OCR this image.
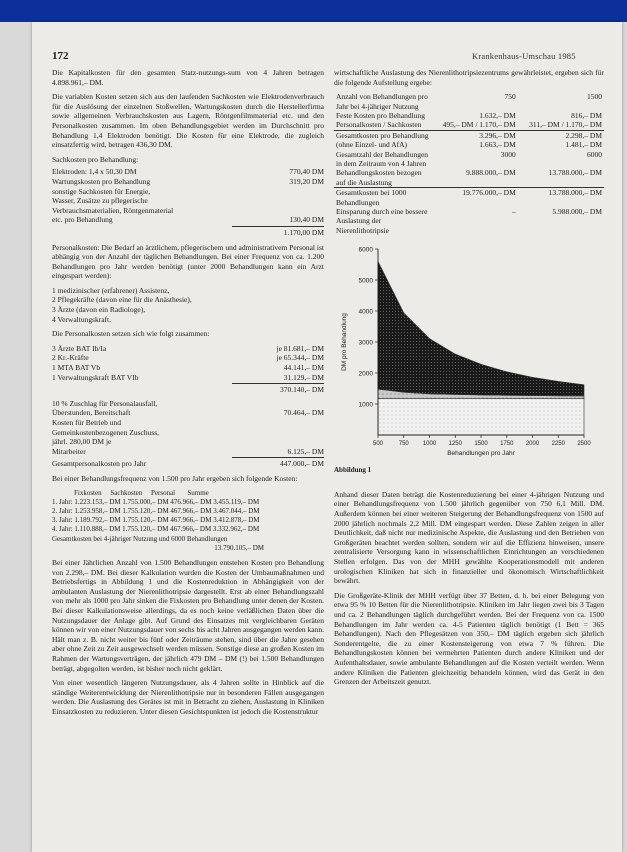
172	Krankenhaus-Umschau 1985

Die Kapitalkosten für den gesamten Statz-nutzungs-sum von 4 Jahren betragen 4.898.961,– DM.

Die variablen Kosten setzen sich aus den laufenden Sachkosten wie Elektrodenverbrauch für die Auslösung der einzelnen Stoßwellen, Wartungskosten durch die Herstellerfirma sowie allgemeinen Verbrauchskosten aus Lagern, Röntgenfilmmaterial etc. und den Personalkosten zusammen. Im oben Behandlungsgebiet werden im Durchschnitt pro Behandlung 1,4 Elektroden benötigt. Die Kosten für eine Elektrode, die zugleich einsatzfertig wird, betragen 436,30 DM.

Sachkosten pro Behandlung:
Elektroden: 1,4 x 50,30 DM	770,40 DM
Wartungskosten pro Behandlung	319,20 DM
sonstige Sachkosten für Energie,
Wasser, Zusätze zu pflegerische
Verbrauchsmaterialien, Röntgenmaterial
etc. pro Behandlung	130,40 DM
1.170,00 DM

Personalkosten: Die Bedarf an ärztlichem, pflegerischem und administrativem Personal ist abhängig von der Anzahl der täglichen Behandlungen. Bei einer Frequenz von ca. 1.200 Behandlungen pro Jahr werden benötigt (unter 2000 Behandlungen kann ein Arzt eingespart werden):

1 medizinischer (erfahrener) Assistenz,
2 Pflegekräfte (davon eine für die Anästhesie),
3 Ärzte (davon ein Radiologe),
4 Verwaltungskraft.

Die Personalkosten setzen sich wie folgt zusammen:

3 Ärzte BAT Ib/Ia	je 81.681,– DM
2 Kr.-Kräfte	je 65.344,– DM
1 MTA BAT Vb	44.141,– DM
1 Verwaltungskraft BAT VIb	31.129,– DM
370.140,– DM
10 % Zuschlag für Personalausfall,
Überstunden, Bereitschaft	70.464,– DM
Kosten für Betrieb und
Gemeinkostenbezogenen Zuschuss,
jährl. 280,00 DM je
Mitarbeiter	6.125,– DM
Gesamtpersonalkosten pro Jahr	447.000,– DM

Bei einer Behandlungsfrequenz von 1.500 pro Jahr ergeben sich folgende Kosten:

Fixkosten Sachkosten Personal Summe
1. Jahr: 1.223.153,– DM 1.755.000,– DM 476.966,– DM 3.455.119,– DM
2. Jahr: 1.253.958,– DM 1.755.120,– DM 467.966,– DM 3.467.044,– DM
3. Jahr: 1.189.792,– DM 1.755.120,– DM 467.966,– DM 3.412.878,– DM
4. Jahr: 1.110.888,– DM 1.755.120,– DM 467.966,– DM 3.332.962,– DM
Gesamtkosten bei 4-jähriger Nutzung und 6000 Behandlungen
13.790.105,– DM

Bei einer Jährlichen Anzahl von 1.500 Behandlungen entstehen Kosten pro Behandlung von 2.298,– DM. Bei dieser Kalkulation wurden die Kosten der Umbaumaßnahmen und Betriebsfertigs in Abbildung 1 und die Kostenreduktion in Abhängigkeit von der ambulanten Auslastung der Nierenlithotripsie dargestellt. Erst ab einer Behandlungszahl von mehr als 1000 pro Jahr sinken die Fixkosten pro Behandlung unter denen der Kosten. Bei dieser Kalkulationsweise allerdings, da es noch keine verläßlichen Daten über die Nutzungsdauer der Anlage gibt. Auf Grund des Einsatzes mit vergleichbaren Geräten können wir von einer Nutzungsdauer von sechs bis acht Jahren ausgegangen werden kann. Hält man z. B. nicht weiter bis fünf oder Zeiträume stehen, sind über die Jahre gesehen aber ohne Zeit zu Zeit ausgewechselt werden müssen. Sonstige diese an großen Kosten im Rahmen der Wartungsverträgen, der jährlich 479 DM – DM (!) bei 1.500 Behandlungen beträgt, abgegolten werden, ist bisher noch nicht geklärt.

Von einer wesentlich längeren Nutzungsdauer, als 4 Jahren sollte in Hinblick auf die ständige Weiterentwicklung der Nierenlithotripsie nur in besonderen Fällen ausgegangen werden. Die Auslastung des Gerätes ist mit in Betracht zu ziehen, Auslastung in Kliniken Einsatzkosten zu reduzieren. Unter diesen Gesichtspunkten ist jedoch die Kostenstruktur

wirtschaftliche Auslastung des Nierenlithotripsiezentrums gewährleistet, ergeben sich für die folgende Aufstellung ergebe:

Anzahl von Behandlungen pro Jahr bei 4-jähriger Nutzung	750	1500
Feste Kosten pro Behandlung	1.632,– DM	816,– DM
Personalkosten / Sachkosten	495,– DM / 1.170,– DM	311,– DM / 1.170,– DM
Gesamtkosten pro Behandlung	3.296,– DM	2.298,– DM
(ohne Einzel- und AfA)	1.663,– DM	1.481,– DM
Gesamtzahl der Behandlungen in dem Zeitraum von 4 Jahren	3000	6000
Behandlungskosten bezogen auf die Auslastung	9.888.000,– DM	13.788.000,– DM
Gesamtkosten bei 1000 Behandlungen	19.776.000,– DM	13.788.000,– DM
Einsparung durch eine bessere Auslastung der Nierenlithotripsie	–	5.988.000,– DM
1000
2000
3000
4000
5000
6000
500	750 1000 1250 1500 1750 2000 2250 2500
Behandlungen pro Jahr
DM pro Behandlung
Abbildung 1

Anhand dieser Daten beträgt die Kostenreduzierung bei einer 4-jährigen Nutzung und einer Behandlungsfrequenz von 1.500 jährlich gegenüber von 750 6,1 Mill. DM. Außerdem können bei einer weiteren Steigerung der Behandlungsfrequenz von 1500 auf 2000 jährlich nochmals 2,2 Mill. DM eingespart werden. Diese Zahlen zeigen in aller Deutlichkeit, daß nicht nur medizinische Aspekte, die Auslastung und den Betrieben von Großgeräten beachtet werden sollten, sondern wir auf die Effizienz hinweisen, unsere zentralisierte Versorgung kann in wissenschaftlichen Einrichtungen an verschiedenen Stellen erfolgen. Das von der MHH gewählte Kooperationsmodell mit anderen urologischen Kliniken hat sich in finanzieller und ökonomisch Wirtschaftlichkeit bewährt.

Die Großgeräte-Klinik der MHH verfügt über 37 Betten, d. h. bei einer Belegung von etwa 95 % 10 Betten für die Nierenlithotripsie. Kliniken im Jahr liegen zwei bis 3 Tagen und ca. 2 Behandlungen täglich durchgeführt werden. Bei der Frequenz von ca. 1500 Behandlungen im Jahr werden ca. 4-5 Patienten täglich benötigt (1 Bett = 365 Behandlungen). Nach den Pflegesätzen von 350,– DM täglich ergeben sich jährlich Sonderentgelte, die zu einer Kostensteigerung von etwa 7 % führen. Die Behandlungskosten können bei vermehrten Patienten durch andere Kliniken und der Aufenthaltsdauer, sowie ambulante Behandlungen auf die Kosten verteilt werden. Wenn andere Kliniken die Patienten gleichzeitig behandeln können, wird das Gerät in den Grenzen der Arbeitszeit genutzt.
